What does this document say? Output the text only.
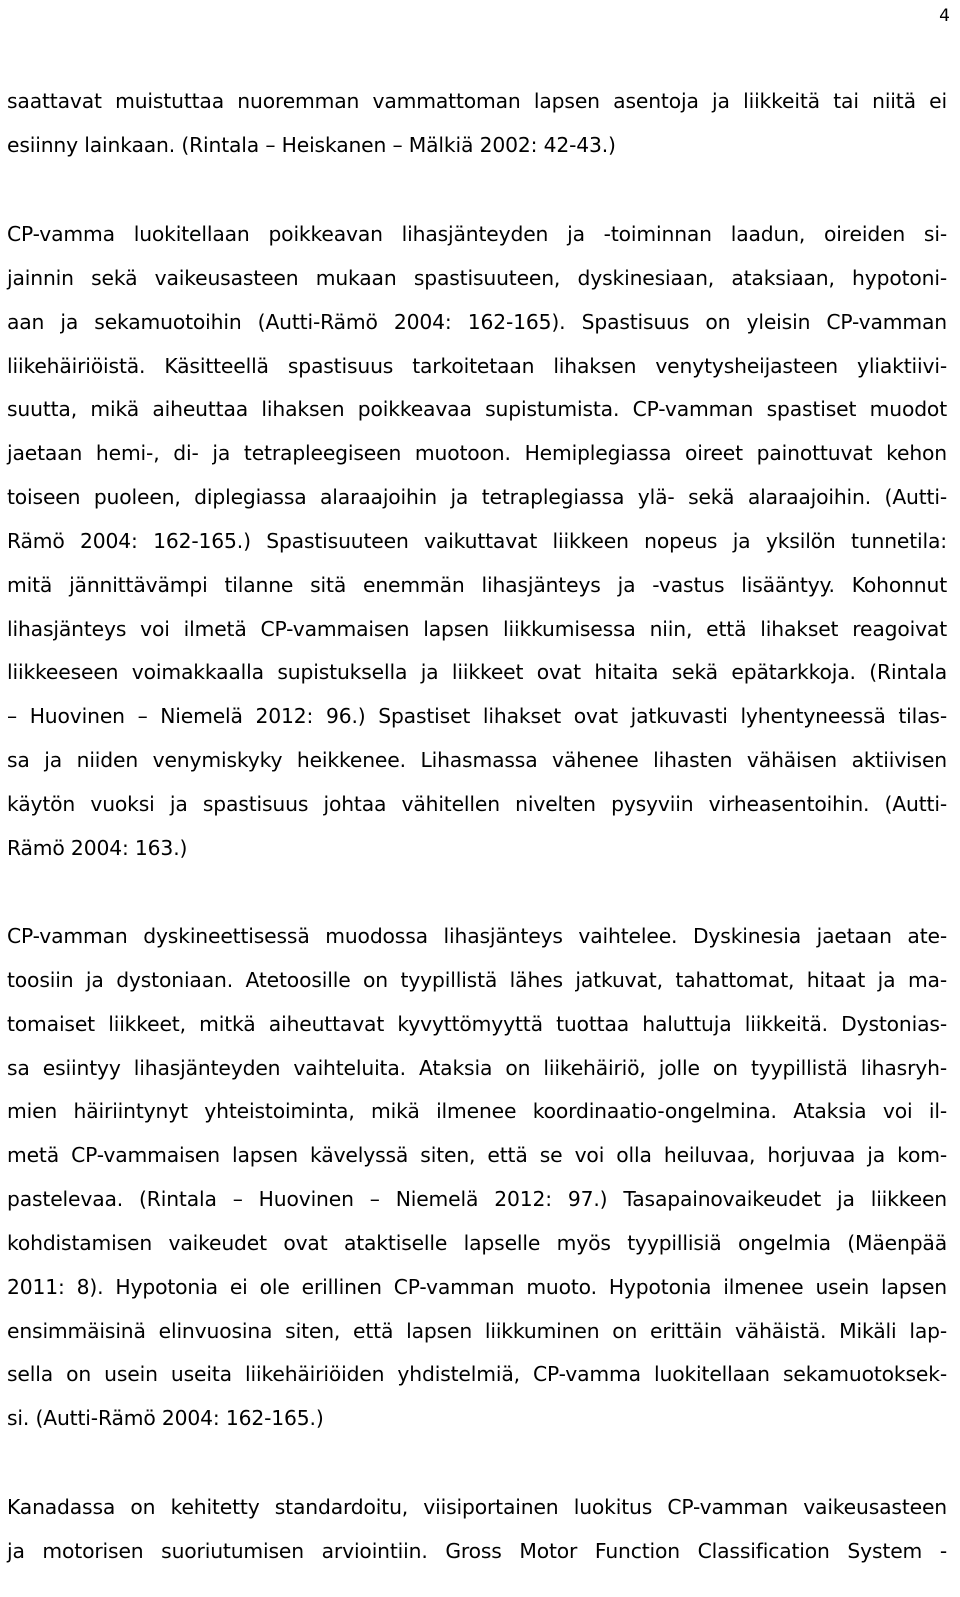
4
saattavat muistuttaa nuoremman vammattoman lapsen asentoja ja liikkeitä tai niitä ei
esiinny lainkaan. (Rintala – Heiskanen – Mälkiä 2002: 42-43.)
CP-vamma luokitellaan poikkeavan lihasjänteyden ja -toiminnan laadun, oireiden si-
jainnin sekä vaikeusasteen mukaan spastisuuteen, dyskinesiaan, ataksiaan, hypotoni-
aan ja sekamuotoihin (Autti-Rämö 2004: 162-165). Spastisuus on yleisin CP-vamman
liikehäiriöistä. Käsitteellä spastisuus tarkoitetaan lihaksen venytysheijasteen yliaktiivi-
suutta, mikä aiheuttaa lihaksen poikkeavaa supistumista. CP-vamman spastiset muodot
jaetaan hemi-, di- ja tetrapleegiseen muotoon. Hemiplegiassa oireet painottuvat kehon
toiseen puoleen, diplegiassa alaraajoihin ja tetraplegiassa ylä- sekä alaraajoihin. (Autti-
Rämö 2004: 162-165.) Spastisuuteen vaikuttavat liikkeen nopeus ja yksilön tunnetila:
mitä jännittävämpi tilanne sitä enemmän lihasjänteys ja -vastus lisääntyy. Kohonnut
lihasjänteys voi ilmetä CP-vammaisen lapsen liikkumisessa niin, että lihakset reagoivat
liikkeeseen voimakkaalla supistuksella ja liikkeet ovat hitaita sekä epätarkkoja. (Rintala
– Huovinen – Niemelä 2012: 96.) Spastiset lihakset ovat jatkuvasti lyhentyneessä tilas-
sa ja niiden venymiskyky heikkenee. Lihasmassa vähenee lihasten vähäisen aktiivisen
käytön vuoksi ja spastisuus johtaa vähitellen nivelten pysyviin virheasentoihin. (Autti-
Rämö 2004: 163.)
CP-vamman dyskineettisessä muodossa lihasjänteys vaihtelee. Dyskinesia jaetaan ate-
toosiin ja dystoniaan. Atetoosille on tyypillistä lähes jatkuvat, tahattomat, hitaat ja ma-
tomaiset liikkeet, mitkä aiheuttavat kyvyttömyyttä tuottaa haluttuja liikkeitä. Dystonias-
sa esiintyy lihasjänteyden vaihteluita. Ataksia on liikehäiriö, jolle on tyypillistä lihasryh-
mien häiriintynyt yhteistoiminta, mikä ilmenee koordinaatio-ongelmina. Ataksia voi il-
metä CP-vammaisen lapsen kävelyssä siten, että se voi olla heiluvaa, horjuvaa ja kom-
pastelevaa. (Rintala – Huovinen – Niemelä 2012: 97.) Tasapainovaikeudet ja liikkeen
kohdistamisen vaikeudet ovat ataktiselle lapselle myös tyypillisiä ongelmia (Mäenpää
2011: 8). Hypotonia ei ole erillinen CP-vamman muoto. Hypotonia ilmenee usein lapsen
ensimmäisinä elinvuosina siten, että lapsen liikkuminen on erittäin vähäistä. Mikäli lap-
sella on usein useita liikehäiriöiden yhdistelmiä, CP-vamma luokitellaan sekamuotoksek-
si. (Autti-Rämö 2004: 162-165.)
Kanadassa on kehitetty standardoitu, viisiportainen luokitus CP-vamman vaikeusasteen
ja motorisen suoriutumisen arviointiin. Gross Motor Function Classification System -
